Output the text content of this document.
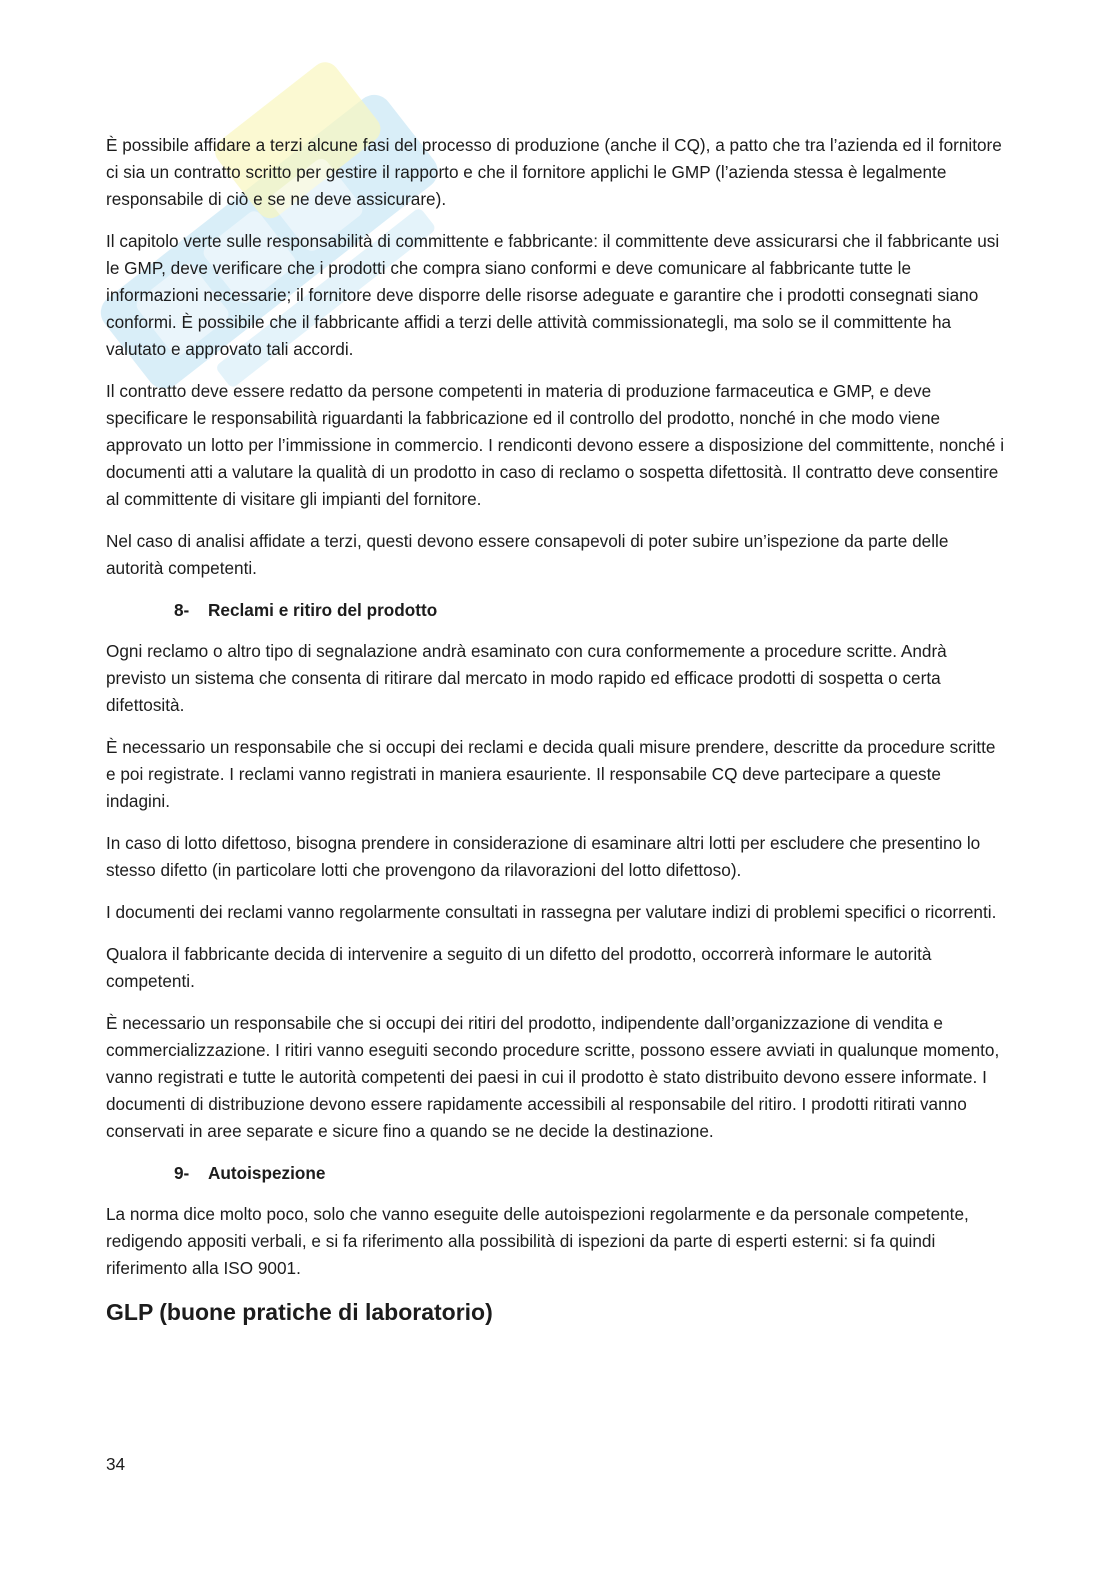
È possibile affidare a terzi alcune fasi del processo di produzione (anche il CQ), a patto che tra l’azienda ed il fornitore ci sia un contratto scritto per gestire il rapporto e che il fornitore applichi le GMP (l’azienda stessa è legalmente responsabile di ciò e se ne deve assicurare).

Il capitolo verte sulle responsabilità di committente e fabbricante: il committente deve assicurarsi che il fabbricante usi le GMP, deve verificare che i prodotti che compra siano conformi e deve comunicare al fabbricante tutte le informazioni necessarie; il fornitore deve disporre delle risorse adeguate e garantire che i prodotti consegnati siano conformi. È possibile che il fabbricante affidi a terzi delle attività commissionategli, ma solo se il committente ha valutato e approvato tali accordi.

Il contratto deve essere redatto da persone competenti in materia di produzione farmaceutica e GMP, e deve specificare le responsabilità riguardanti la fabbricazione ed il controllo del prodotto, nonché in che modo viene approvato un lotto per l’immissione in commercio. I rendiconti devono essere a disposizione del committente, nonché i documenti atti a valutare la qualità di un prodotto in caso di reclamo o sospetta difettosità. Il contratto deve consentire al committente di visitare gli impianti del fornitore.

Nel caso di analisi affidate a terzi, questi devono essere consapevoli di poter subire un’ispezione da parte delle autorità competenti.

8- Reclami e ritiro del prodotto

Ogni reclamo o altro tipo di segnalazione andrà esaminato con cura conformemente a procedure scritte. Andrà previsto un sistema che consenta di ritirare dal mercato in modo rapido ed efficace prodotti di sospetta o certa difettosità.

È necessario un responsabile che si occupi dei reclami e decida quali misure prendere, descritte da procedure scritte e poi registrate. I reclami vanno registrati in maniera esauriente. Il responsabile CQ deve partecipare a queste indagini.

In caso di lotto difettoso, bisogna prendere in considerazione di esaminare altri lotti per escludere che presentino lo stesso difetto (in particolare lotti che provengono da rilavorazioni del lotto difettoso).

I documenti dei reclami vanno regolarmente consultati in rassegna per valutare indizi di problemi specifici o ricorrenti.

Qualora il fabbricante decida di intervenire a seguito di un difetto del prodotto, occorrerà informare le autorità competenti.

È necessario un responsabile che si occupi dei ritiri del prodotto, indipendente dall’organizzazione di vendita e commercializzazione. I ritiri vanno eseguiti secondo procedure scritte, possono essere avviati in qualunque momento, vanno registrati e tutte le autorità competenti dei paesi in cui il prodotto è stato distribuito devono essere informate. I documenti di distribuzione devono essere rapidamente accessibili al responsabile del ritiro. I prodotti ritirati vanno conservati in aree separate e sicure fino a quando se ne decide la destinazione.

9- Autoispezione

La norma dice molto poco, solo che vanno eseguite delle autoispezioni regolarmente e da personale competente, redigendo appositi verbali, e si fa riferimento alla possibilità di ispezioni da parte di esperti esterni: si fa quindi riferimento alla ISO 9001.

GLP (buone pratiche di laboratorio)
34
